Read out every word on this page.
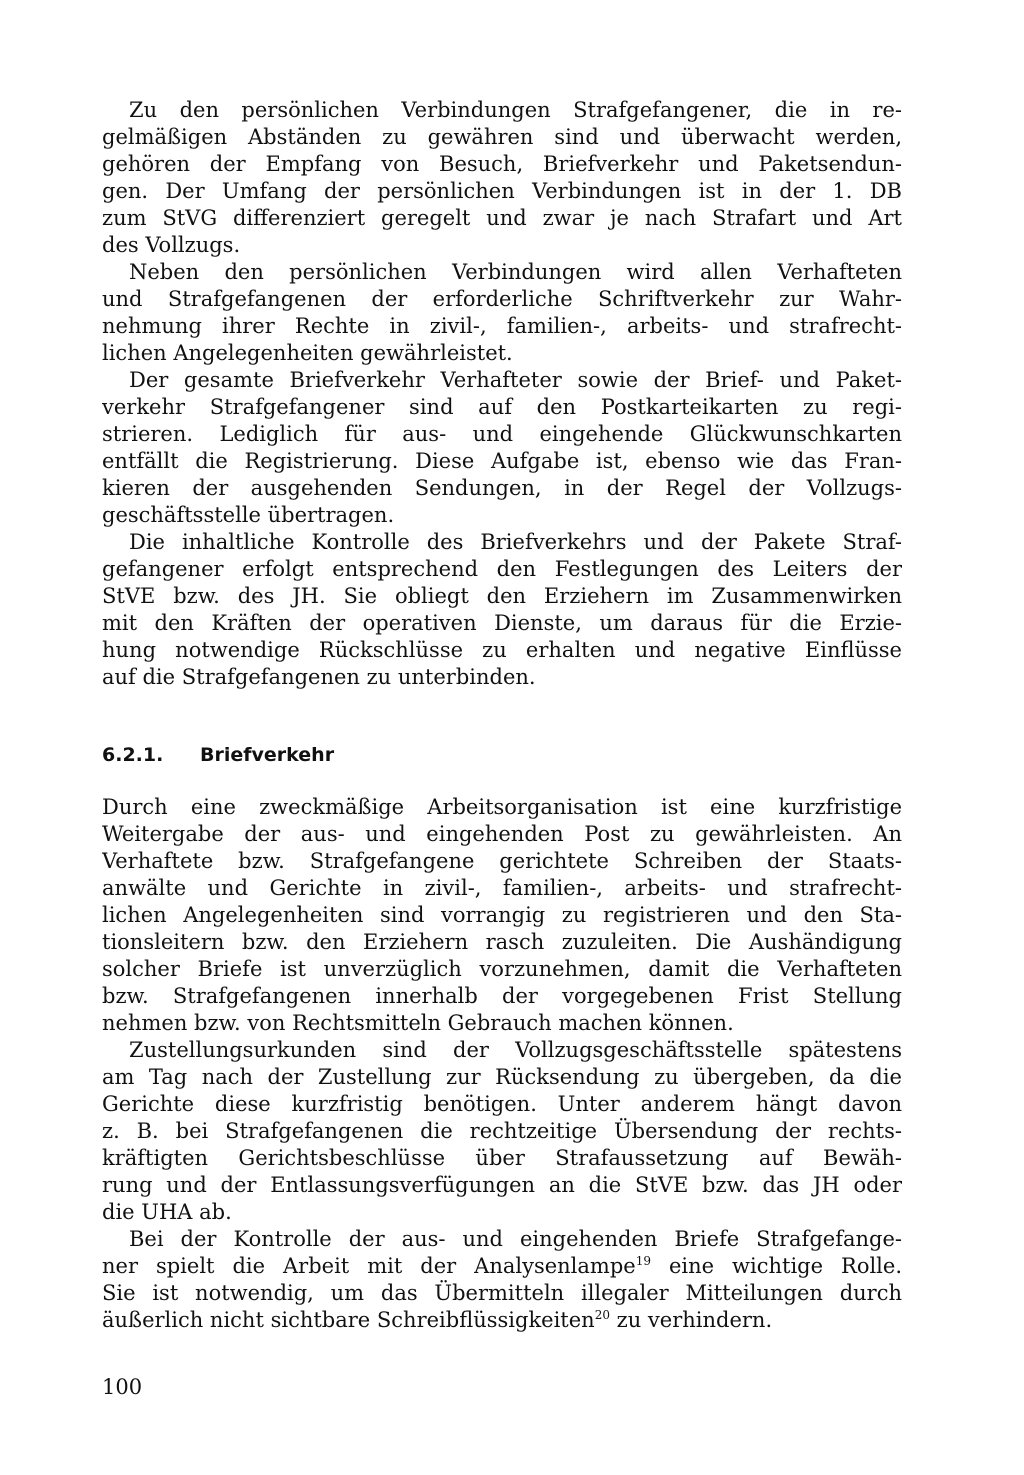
Zu den persönlichen Verbindungen Strafgefangener, die in re-
gelmäßigen Abständen zu gewähren sind und überwacht werden,
gehören der Empfang von Besuch, Briefverkehr und Paketsendun-
gen. Der Umfang der persönlichen Verbindungen ist in der 1. DB
zum StVG differenziert geregelt und zwar je nach Strafart und Art
des Vollzugs.
Neben den persönlichen Verbindungen wird allen Verhafteten
und Strafgefangenen der erforderliche Schriftverkehr zur Wahr-
nehmung ihrer Rechte in zivil-, familien-, arbeits- und strafrecht-
lichen Angelegenheiten gewährleistet.
Der gesamte Briefverkehr Verhafteter sowie der Brief- und Paket-
verkehr Strafgefangener sind auf den Postkarteikarten zu regi-
strieren. Lediglich für aus- und eingehende Glückwunschkarten
entfällt die Registrierung. Diese Aufgabe ist, ebenso wie das Fran-
kieren der ausgehenden Sendungen, in der Regel der Vollzugs-
geschäftsstelle übertragen.
Die inhaltliche Kontrolle des Briefverkehrs und der Pakete Straf-
gefangener erfolgt entsprechend den Festlegungen des Leiters der
StVE bzw. des JH. Sie obliegt den Erziehern im Zusammenwirken
mit den Kräften der operativen Dienste, um daraus für die Erzie-
hung notwendige Rückschlüsse zu erhalten und negative Einflüsse
auf die Strafgefangenen zu unterbinden.
6.2.1. Briefverkehr
Durch eine zweckmäßige Arbeitsorganisation ist eine kurzfristige
Weitergabe der aus- und eingehenden Post zu gewährleisten. An
Verhaftete bzw. Strafgefangene gerichtete Schreiben der Staats-
anwälte und Gerichte in zivil-, familien-, arbeits- und strafrecht-
lichen Angelegenheiten sind vorrangig zu registrieren und den Sta-
tionsleitern bzw. den Erziehern rasch zuzuleiten. Die Aushändigung
solcher Briefe ist unverzüglich vorzunehmen, damit die Verhafteten
bzw. Strafgefangenen innerhalb der vorgegebenen Frist Stellung
nehmen bzw. von Rechtsmitteln Gebrauch machen können.
Zustellungsurkunden sind der Vollzugsgeschäftsstelle spätestens
am Tag nach der Zustellung zur Rücksendung zu übergeben, da die
Gerichte diese kurzfristig benötigen. Unter anderem hängt davon
z. B. bei Strafgefangenen die rechtzeitige Übersendung der rechts-
kräftigten Gerichtsbeschlüsse über Strafaussetzung auf Bewäh-
rung und der Entlassungsverfügungen an die StVE bzw. das JH oder
die UHA ab.
Bei der Kontrolle der aus- und eingehenden Briefe Strafgefange-
ner spielt die Arbeit mit der Analysenlampe$^{19}$ eine wichtige Rolle.
Sie ist notwendig, um das Übermitteln illegaler Mitteilungen durch
äußerlich nicht sichtbare Schreibflüssigkeiten$^{20}$ zu verhindern.
100
